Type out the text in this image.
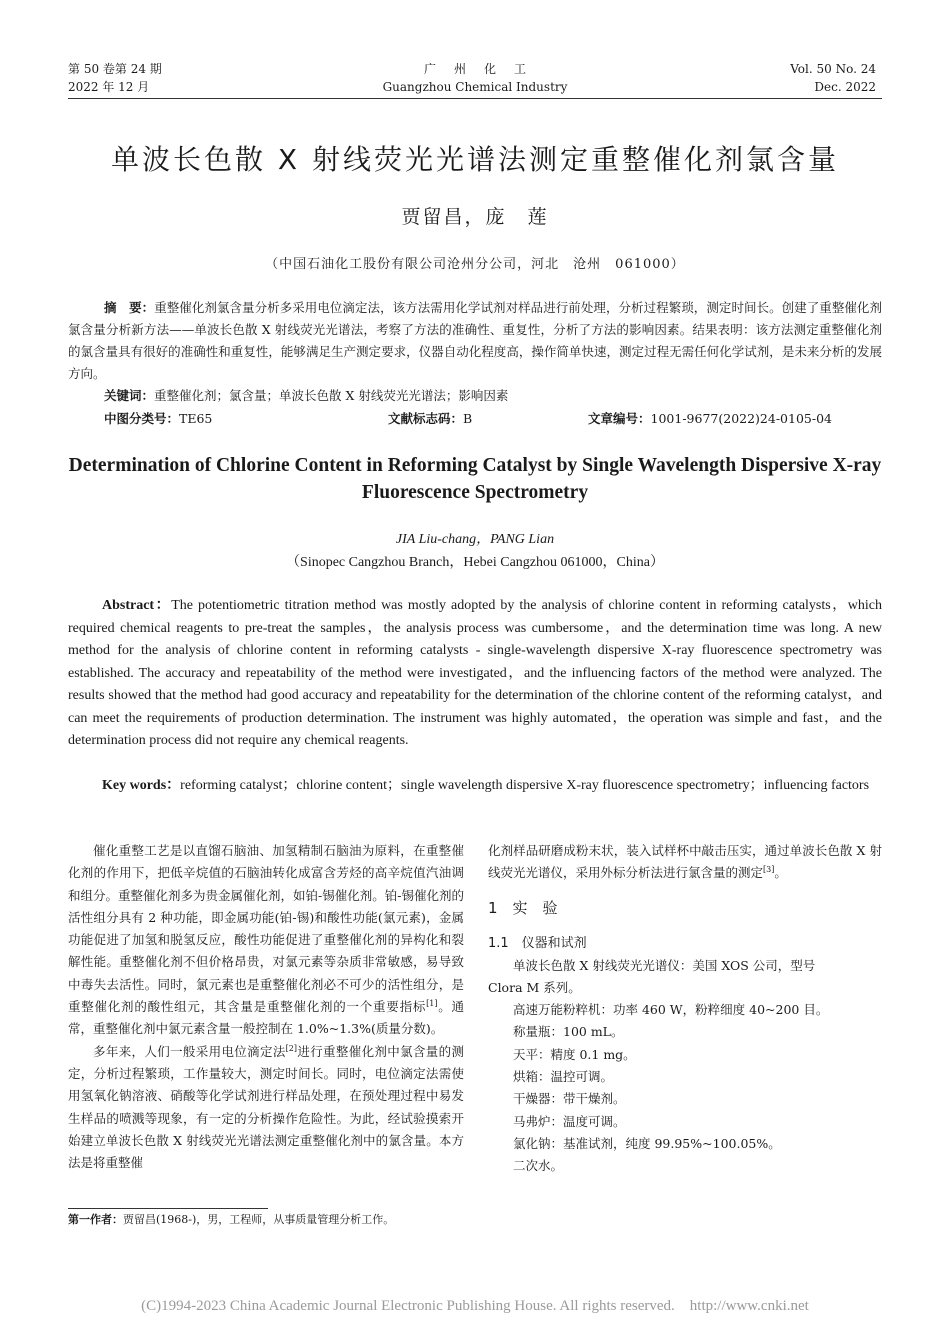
第 50 卷第 24 期
2022 年 12 月
广州化工
Guangzhou Chemical Industry
Vol. 50 No. 24
Dec. 2022
单波长色散 X 射线荧光光谱法测定重整催化剂氯含量
贾留昌，庞　莲
（中国石油化工股份有限公司沧州分公司，河北　沧州　061000）
摘　要：重整催化剂氯含量分析多采用电位滴定法，该方法需用化学试剂对样品进行前处理，分析过程繁琐，测定时间长。创建了重整催化剂氯含量分析新方法——单波长色散 X 射线荧光光谱法，考察了方法的准确性、重复性，分析了方法的影响因素。结果表明：该方法测定重整催化剂的氯含量具有很好的准确性和重复性，能够满足生产测定要求，仪器自动化程度高，操作简单快速，测定过程无需任何化学试剂，是未来分析的发展方向。
关键词：重整催化剂；氯含量；单波长色散 X 射线荧光光谱法；影响因素
中图分类号：TE65	文献标志码：B	文章编号：1001-9677(2022)24-0105-04
Determination of Chlorine Content in Reforming Catalyst by Single Wavelength Dispersive X-ray Fluorescence Spectrometry
JIA Liu-chang，PANG Lian
（Sinopec Cangzhou Branch，Hebei Cangzhou 061000，China）
Abstract：The potentiometric titration method was mostly adopted by the analysis of chlorine content in reforming catalysts，which required chemical reagents to pre-treat the samples，the analysis process was cumbersome，and the determination time was long. A new method for the analysis of chlorine content in reforming catalysts - single-wavelength dispersive X-ray fluorescence spectrometry was established. The accuracy and repeatability of the method were investigated，and the influencing factors of the method were analyzed. The results showed that the method had good accuracy and repeatability for the determination of the chlorine content of the reforming catalyst，and can meet the requirements of production determination. The instrument was highly automated，the operation was simple and fast，and the determination process did not require any chemical reagents.
Key words：reforming catalyst；chlorine content；single wavelength dispersive X-ray fluorescence spectrometry；influencing factors

催化重整工艺是以直馏石脑油、加氢精制石脑油为原料，在重整催化剂的作用下，把低辛烷值的石脑油转化成富含芳烃的高辛烷值汽油调和组分。重整催化剂多为贵金属催化剂，如铂-锡催化剂。铂-锡催化剂的活性组分具有 2 种功能，即金属功能(铂-锡)和酸性功能(氯元素)，金属功能促进了加氢和脱氢反应，酸性功能促进了重整催化剂的异构化和裂解性能。重整催化剂不但价格昂贵，对氯元素等杂质非常敏感，易导致中毒失去活性。同时，氯元素也是重整催化剂必不可少的活性组分，是重整催化剂的酸性组元，其含量是重整催化剂的一个重要指标[1]。通常，重整催化剂中氯元素含量一般控制在 1.0%~1.3%(质量分数)。

多年来，人们一般采用电位滴定法[2]进行重整催化剂中氯含量的测定，分析过程繁琐，工作量较大，测定时间长。同时，电位滴定法需使用氢氧化钠溶液、硝酸等化学试剂进行样品处理，在预处理过程中易发生样品的喷溅等现象，有一定的分析操作危险性。为此，经试验摸索开始建立单波长色散 X 射线荧光光谱法测定重整催化剂中的氯含量。本方法是将重整催

化剂样品研磨成粉末状，装入试样杯中敲击压实，通过单波长色散 X 射线荧光光谱仪，采用外标分析法进行氯含量的测定[3]。

1　实　验
1.1　仪器和试剂

单波长色散 X 射线荧光光谱仪：美国 XOS 公司，型号

Clora M 系列。

高速万能粉粹机：功率 460 W，粉粹细度 40~200 目。

称量瓶：100 mL。

天平：精度 0.1 mg。

烘箱：温控可调。

干燥器：带干燥剂。

马弗炉：温度可调。

氯化钠：基准试剂，纯度 99.95%~100.05%。

二次水。

第一作者：贾留昌(1968-)，男，工程师，从事质量管理分析工作。
(C)1994-2023 China Academic Journal Electronic Publishing House. All rights reserved.    http://www.cnki.net
